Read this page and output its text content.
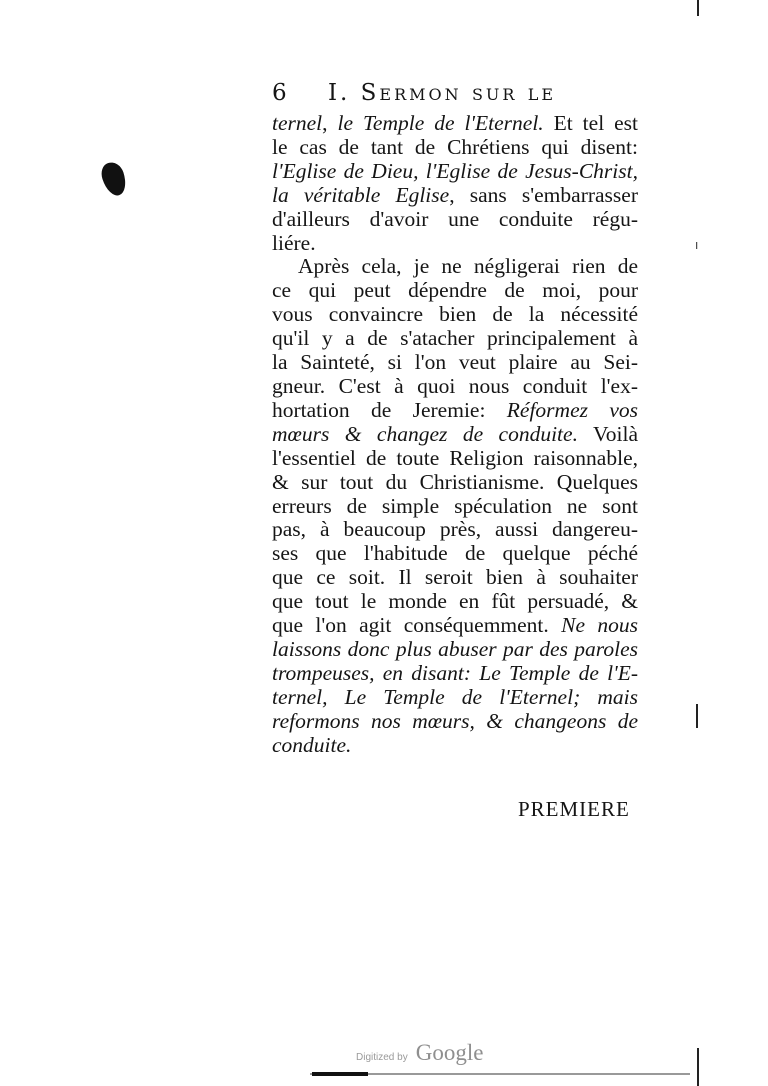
6 I. Sermon sur le
ternel, le Temple de l'Eternel. Et tel est
le cas de tant de Chrétiens qui disent:
l'Eglise de Dieu, l'Eglise de Jesus-Christ,
la véritable Eglise, sans s'embarrasser
d'ailleurs d'avoir une conduite régu-
liére.
Après cela, je ne négligerai rien de
ce qui peut dépendre de moi, pour
vous convaincre bien de la nécessité
qu'il y a de s'atacher principalement à
la Sainteté, si l'on veut plaire au Sei-
gneur. C'est à quoi nous conduit l'ex-
hortation de Jeremie: Réformez vos
mœurs & changez de conduite. Voilà
l'essentiel de toute Religion raisonnable,
& sur tout du Christianisme. Quelques
erreurs de simple spéculation ne sont
pas, à beaucoup près, aussi dangereu-
ses que l'habitude de quelque péché
que ce soit. Il seroit bien à souhaiter
que tout le monde en fût persuadé, &
que l'on agit conséquemment. Ne nous
laissons donc plus abuser par des paroles
trompeuses, en disant: Le Temple de l'E-
ternel, Le Temple de l'Eternel; mais
reformons nos mœurs, & changeons de
conduite.
PREMIERE
ı
Digitized by Google
